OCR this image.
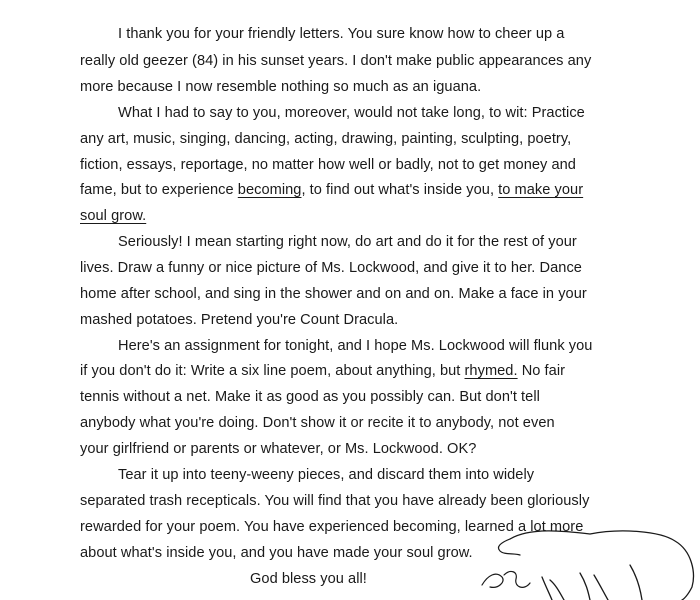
I thank you for your friendly letters. You sure know how to cheer up a
really old geezer (84) in his sunset years. I don't make public appearances any
more because I now resemble nothing so much as an iguana.
What I had to say to you, moreover, would not take long, to wit: Practice
any art, music, singing, dancing, acting, drawing, painting, sculpting, poetry,
fiction, essays, reportage, no matter how well or badly, not to get money and
fame, but to experience becoming, to find out what's inside you, to make your
soul grow.
Seriously! I mean starting right now, do art and do it for the rest of your
lives. Draw a funny or nice picture of Ms. Lockwood, and give it to her. Dance
home after school, and sing in the shower and on and on. Make a face in your
mashed potatoes. Pretend you're Count Dracula.
Here's an assignment for tonight, and I hope Ms. Lockwood will flunk you
if you don't do it: Write a six line poem, about anything, but rhymed. No fair
tennis without a net. Make it as good as you possibly can. But don't tell
anybody what you're doing. Don't show it or recite it to anybody, not even
your girlfriend or parents or whatever, or Ms. Lockwood. OK?
Tear it up into teeny-weeny pieces, and discard them into widely
separated trash recepticals. You will find that you have already been gloriously
rewarded for your poem. You have experienced becoming, learned a lot more
about what's inside you, and you have made your soul grow.
God bless you all!
